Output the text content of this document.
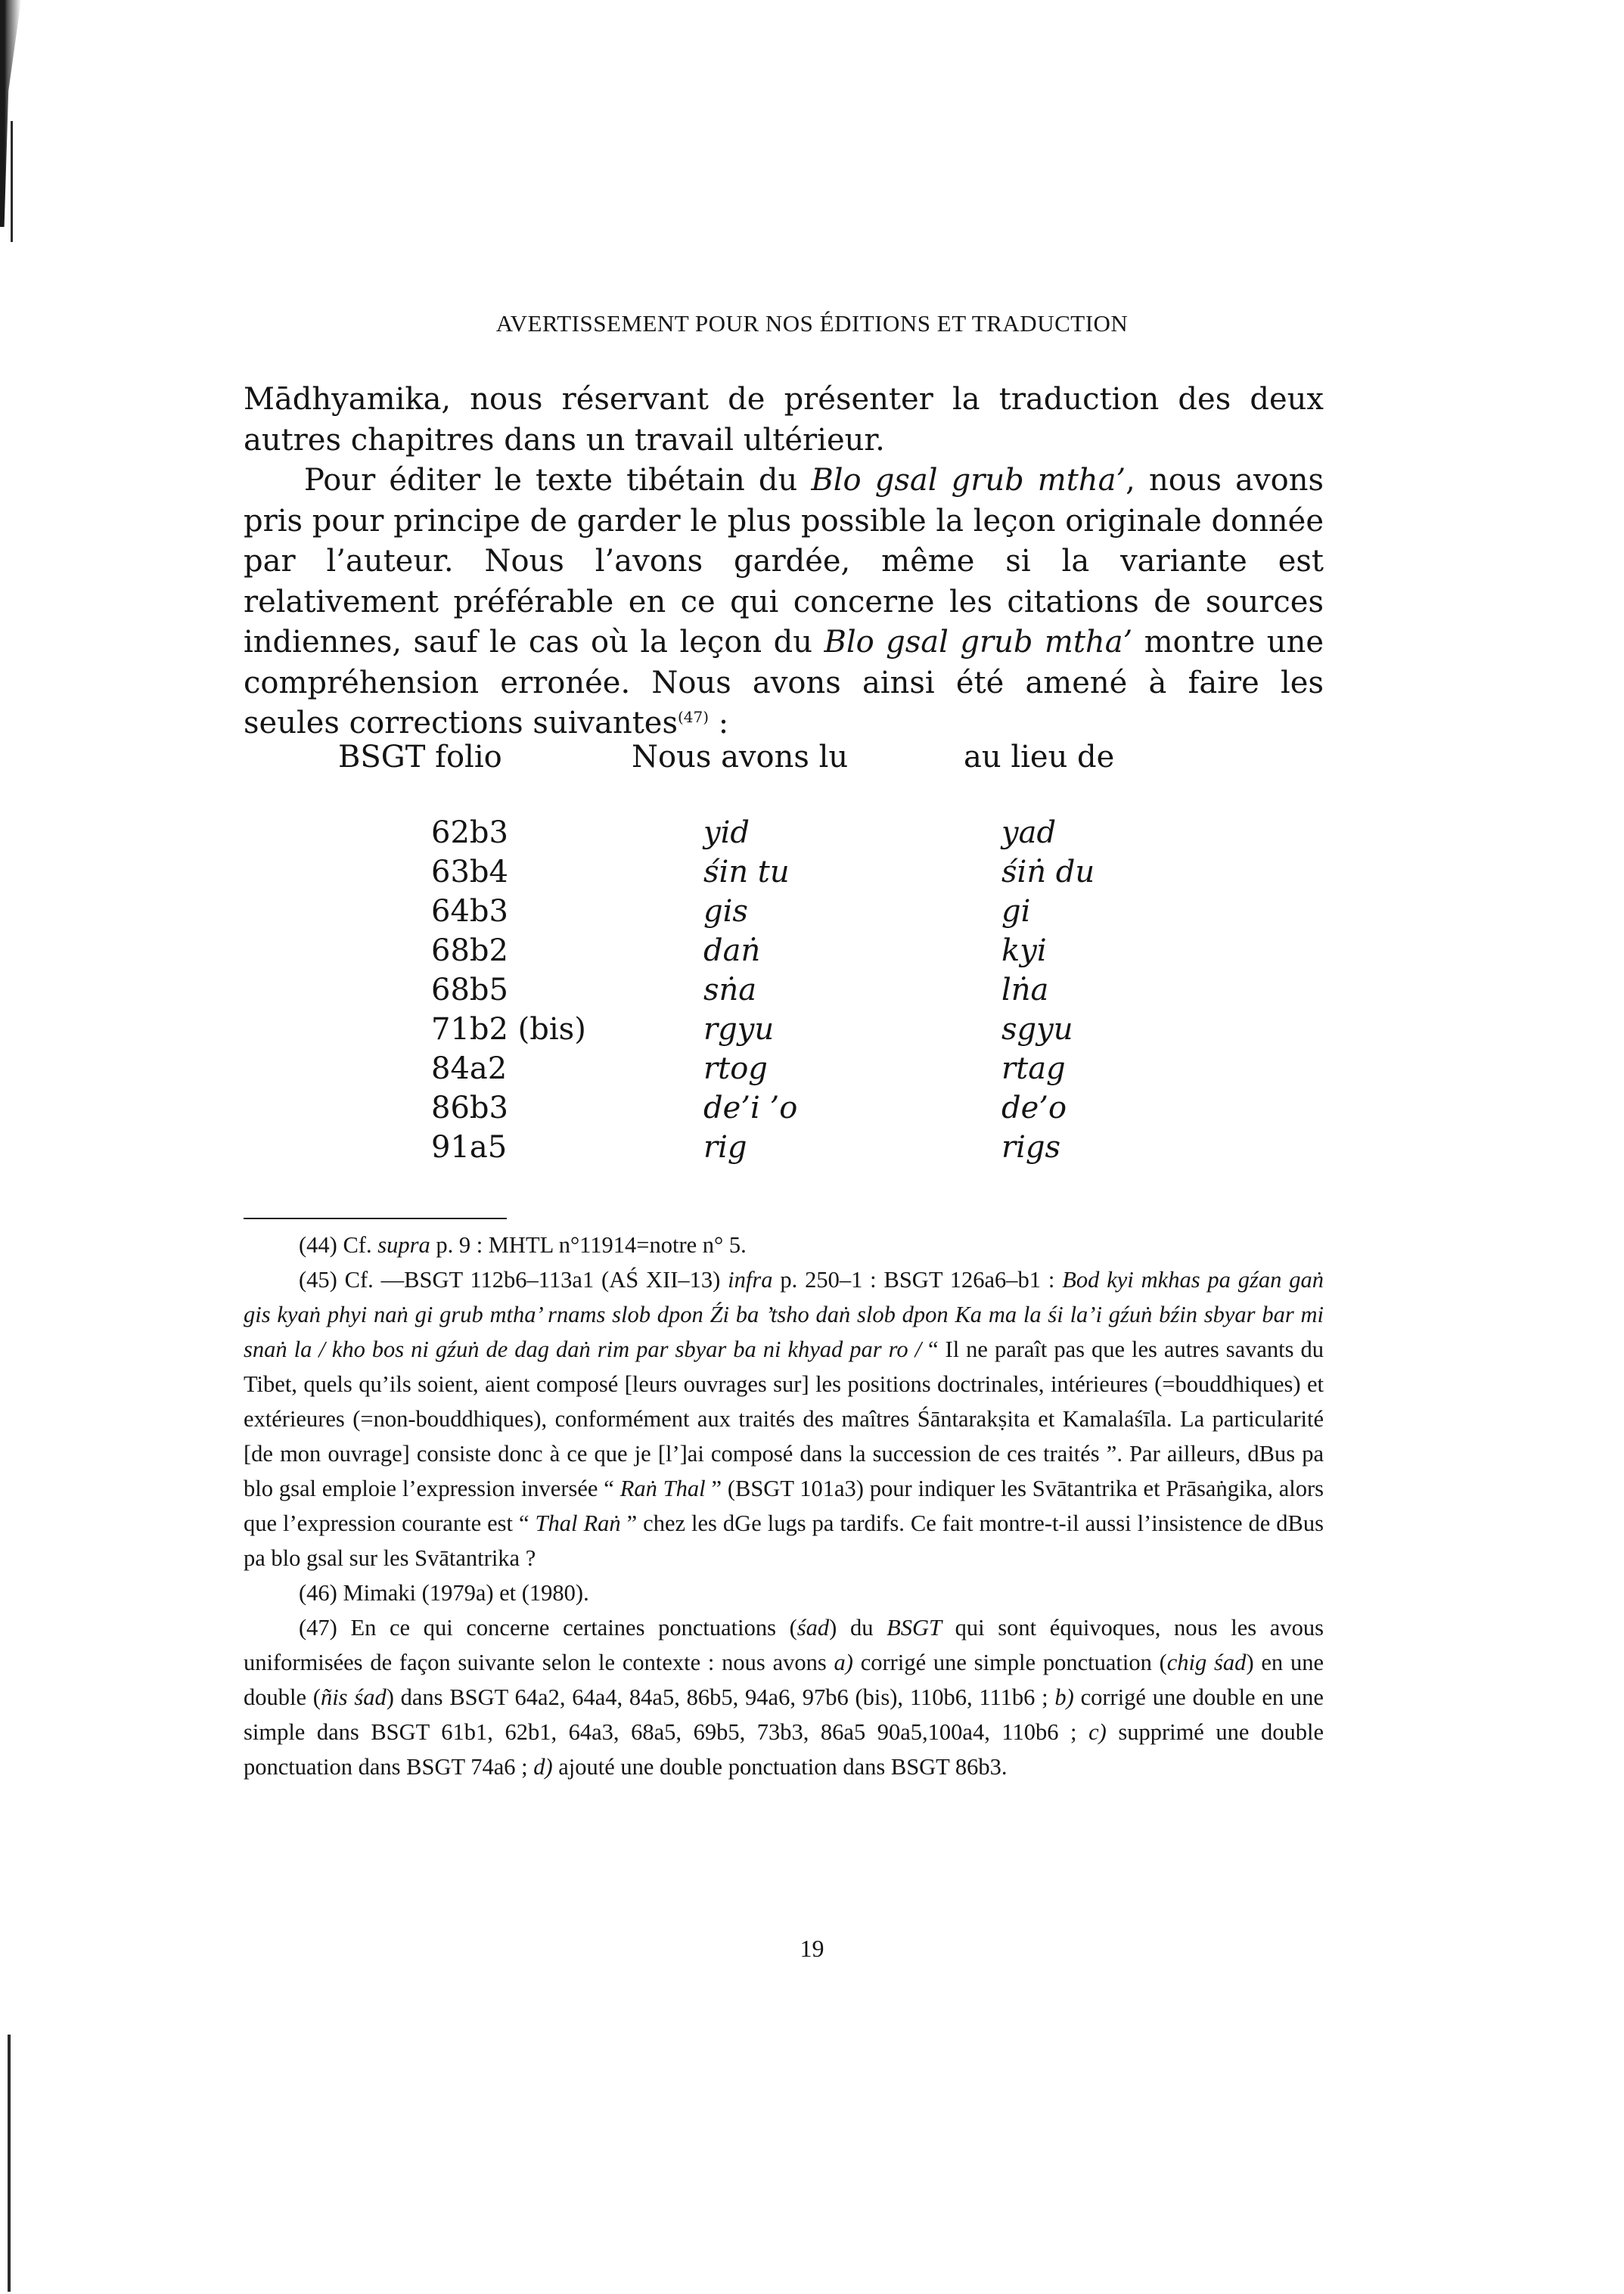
AVERTISSEMENT POUR NOS ÉDITIONS ET TRADUCTION

Mādhyamika, nous réservant de présenter la traduction des deux autres chapitres dans un travail ultérieur.

Pour éditer le texte tibétain du Blo gsal grub mtha’, nous avons pris pour principe de garder le plus possible la leçon originale donnée par l’auteur. Nous l’avons gardée, même si la variante est relativement préférable en ce qui concerne les citations de sources indiennes, sauf le cas où la leçon du Blo gsal grub mtha’ montre une compréhension erronée. Nous avons ainsi été amené à faire les seules corrections suivantes$^{(47)}$ :

BSGT folio	Nous avons lu	au lieu de
62b3	yid	yad
63b4	śin tu	śiṅ du
64b3	gis	gi
68b2	daṅ	kyi
68b5	sṅa	lṅa
71b2 (bis)	rgyu	sgyu
84a2	rtog	rtag
86b3	de’i ’o	de’o
91a5	rig	rigs

(44) Cf. supra p. 9 : MHTL n°11914=notre n° 5.

(45) Cf. —BSGT 112b6–113a1 (AŚ XII–13) infra p. 250–1 : BSGT 126a6–b1 : Bod kyi mkhas pa gźan gaṅ gis kyaṅ phyi naṅ gi grub mtha’ rnams slob dpon Źi ba ’tsho daṅ slob dpon Ka ma la śi la’i gźuṅ bźin sbyar bar mi snaṅ la / kho bos ni gźuṅ de dag daṅ rim par sbyar ba ni khyad par ro / “ Il ne paraît pas que les autres savants du Tibet, quels qu’ils soient, aient composé [leurs ouvrages sur] les positions doctrinales, intérieures (=bouddhiques) et extérieures (=non-bouddhiques), conformément aux traités des maîtres Śāntarakṣita et Kamalaśīla. La particularité [de mon ouvrage] consiste donc à ce que je [l’]ai composé dans la succession de ces traités ”. Par ailleurs, dBus pa blo gsal emploie l’expression inversée “ Raṅ Thal ” (BSGT 101a3) pour indiquer les Svātantrika et Prāsaṅgika, alors que l’expression courante est “ Thal Raṅ ” chez les dGe lugs pa tardifs. Ce fait montre-t-il aussi l’insistence de dBus pa blo gsal sur les Svātantrika ?

(46) Mimaki (1979a) et (1980).

(47) En ce qui concerne certaines ponctuations (śad) du BSGT qui sont équivoques, nous les avous uniformisées de façon suivante selon le contexte : nous avons a) corrigé une simple ponctuation (chig śad) en une double (ñis śad) dans BSGT 64a2, 64a4, 84a5, 86b5, 94a6, 97b6 (bis), 110b6, 111b6 ; b) corrigé une double en une simple dans BSGT 61b1, 62b1, 64a3, 68a5, 69b5, 73b3, 86a5 90a5,100a4, 110b6 ; c) supprimé une double ponctuation dans BSGT 74a6 ; d) ajouté une double ponctuation dans BSGT 86b3.

19
